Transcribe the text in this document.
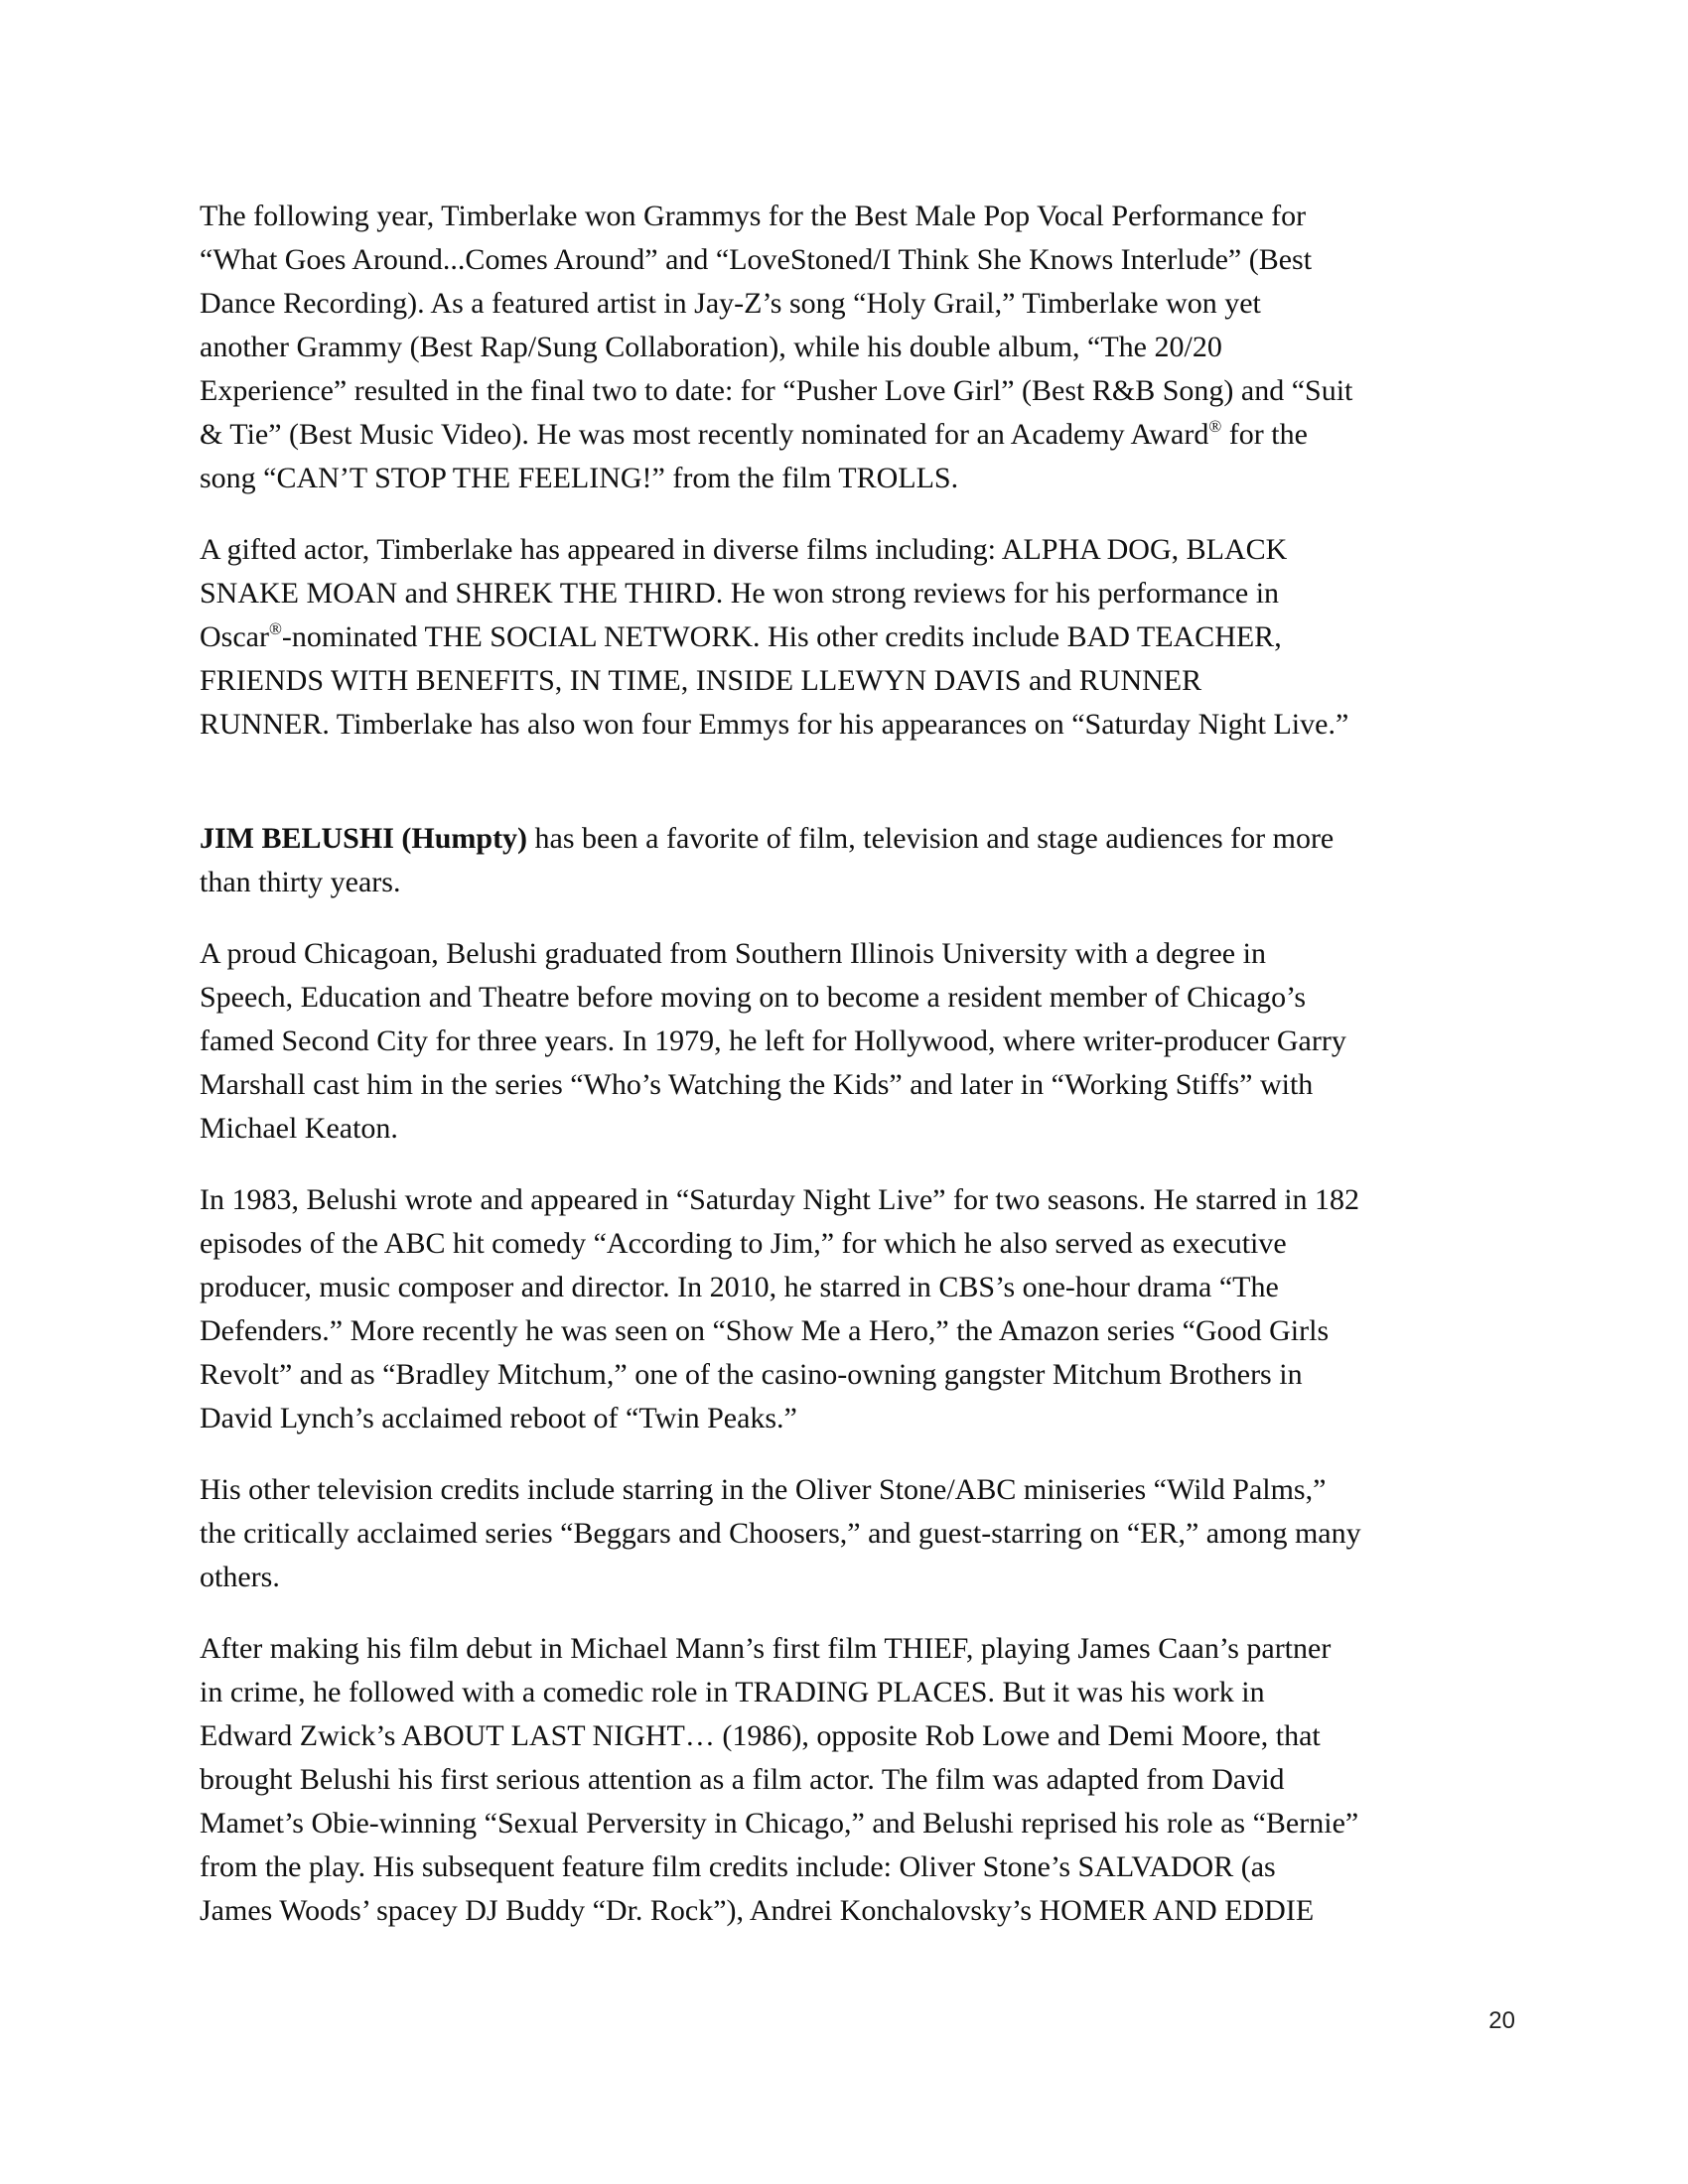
The following year, Timberlake won Grammys for the Best Male Pop Vocal Performance for
“What Goes Around...Comes Around” and “LoveStoned/I Think She Knows Interlude” (Best
Dance Recording). As a featured artist in Jay-Z’s song “Holy Grail,” Timberlake won yet
another Grammy (Best Rap/Sung Collaboration), while his double album, “The 20/20
Experience” resulted in the final two to date: for “Pusher Love Girl” (Best R&B Song) and “Suit
& Tie” (Best Music Video). He was most recently nominated for an Academy Award® for the
song “CAN’T STOP THE FEELING!” from the film TROLLS.

A gifted actor, Timberlake has appeared in diverse films including: ALPHA DOG, BLACK
SNAKE MOAN and SHREK THE THIRD. He won strong reviews for his performance in
Oscar®-nominated THE SOCIAL NETWORK. His other credits include BAD TEACHER,
FRIENDS WITH BENEFITS, IN TIME, INSIDE LLEWYN DAVIS and RUNNER
RUNNER. Timberlake has also won four Emmys for his appearances on “Saturday Night Live.”

JIM BELUSHI (Humpty) has been a favorite of film, television and stage audiences for more
than thirty years.

A proud Chicagoan, Belushi graduated from Southern Illinois University with a degree in
Speech, Education and Theatre before moving on to become a resident member of Chicago’s
famed Second City for three years. In 1979, he left for Hollywood, where writer-producer Garry
Marshall cast him in the series “Who’s Watching the Kids” and later in “Working Stiffs” with
Michael Keaton.

In 1983, Belushi wrote and appeared in “Saturday Night Live” for two seasons. He starred in 182
episodes of the ABC hit comedy “According to Jim,” for which he also served as executive
producer, music composer and director. In 2010, he starred in CBS’s one-hour drama “The
Defenders.” More recently he was seen on “Show Me a Hero,” the Amazon series “Good Girls
Revolt” and as “Bradley Mitchum,” one of the casino-owning gangster Mitchum Brothers in
David Lynch’s acclaimed reboot of “Twin Peaks.”

His other television credits include starring in the Oliver Stone/ABC miniseries “Wild Palms,”
the critically acclaimed series “Beggars and Choosers,” and guest-starring on “ER,” among many
others.

After making his film debut in Michael Mann’s first film THIEF, playing James Caan’s partner
in crime, he followed with a comedic role in TRADING PLACES. But it was his work in
Edward Zwick’s ABOUT LAST NIGHT… (1986), opposite Rob Lowe and Demi Moore, that
brought Belushi his first serious attention as a film actor. The film was adapted from David
Mamet’s Obie-winning “Sexual Perversity in Chicago,” and Belushi reprised his role as “Bernie”
from the play. His subsequent feature film credits include: Oliver Stone’s SALVADOR (as
James Woods’ spacey DJ Buddy “Dr. Rock”), Andrei Konchalovsky’s HOMER AND EDDIE

20
